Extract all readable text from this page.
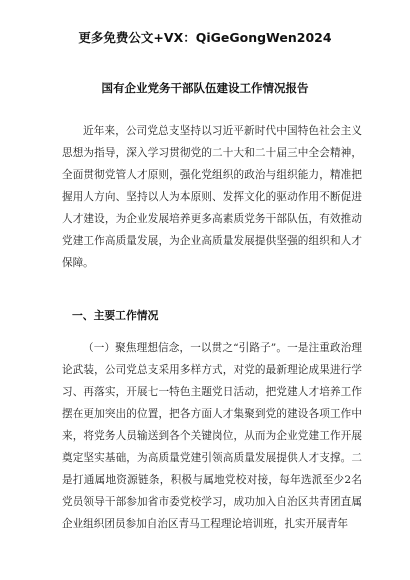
更多免费公文+VX：QiGeGongWen2024
国有企业党务干部队伍建设工作情况报告

近年来，公司党总支坚持以习近平新时代中国特色社会主义思想为指导，深入学习贯彻党的二十大和二十届三中全会精神，全面贯彻党管人才原则，强化党组织的政治与组织能力，精准把握用人方向、坚持以人为本原则、发挥文化的驱动作用不断促进人才建设，为企业发展培养更多高素质党务干部队伍，有效推动党建工作高质量发展，为企业高质量发展提供坚强的组织和人才保障。

一、主要工作情况

（一）聚焦理想信念，一以贯之“引路子”。一是注重政治理论武装，公司党总支采用多样方式，对党的最新理论成果进行学习、再落实，开展七一特色主题党日活动，把党建人才培养工作摆在更加突出的位置，把各方面人才集聚到党的建设各项工作中来，将党务人员输送到各个关键岗位，从而为企业党建工作开展奠定坚实基础，为高质量党建引领高质量发展提供人才支撑。二是打通属地资源链条，积极与属地党校对接，每年选派至少2名党员领导干部参加省市委党校学习，成功加入自治区共青团直属企业组织团员参加自治区青马工程理论培训班，扎实开展青年
